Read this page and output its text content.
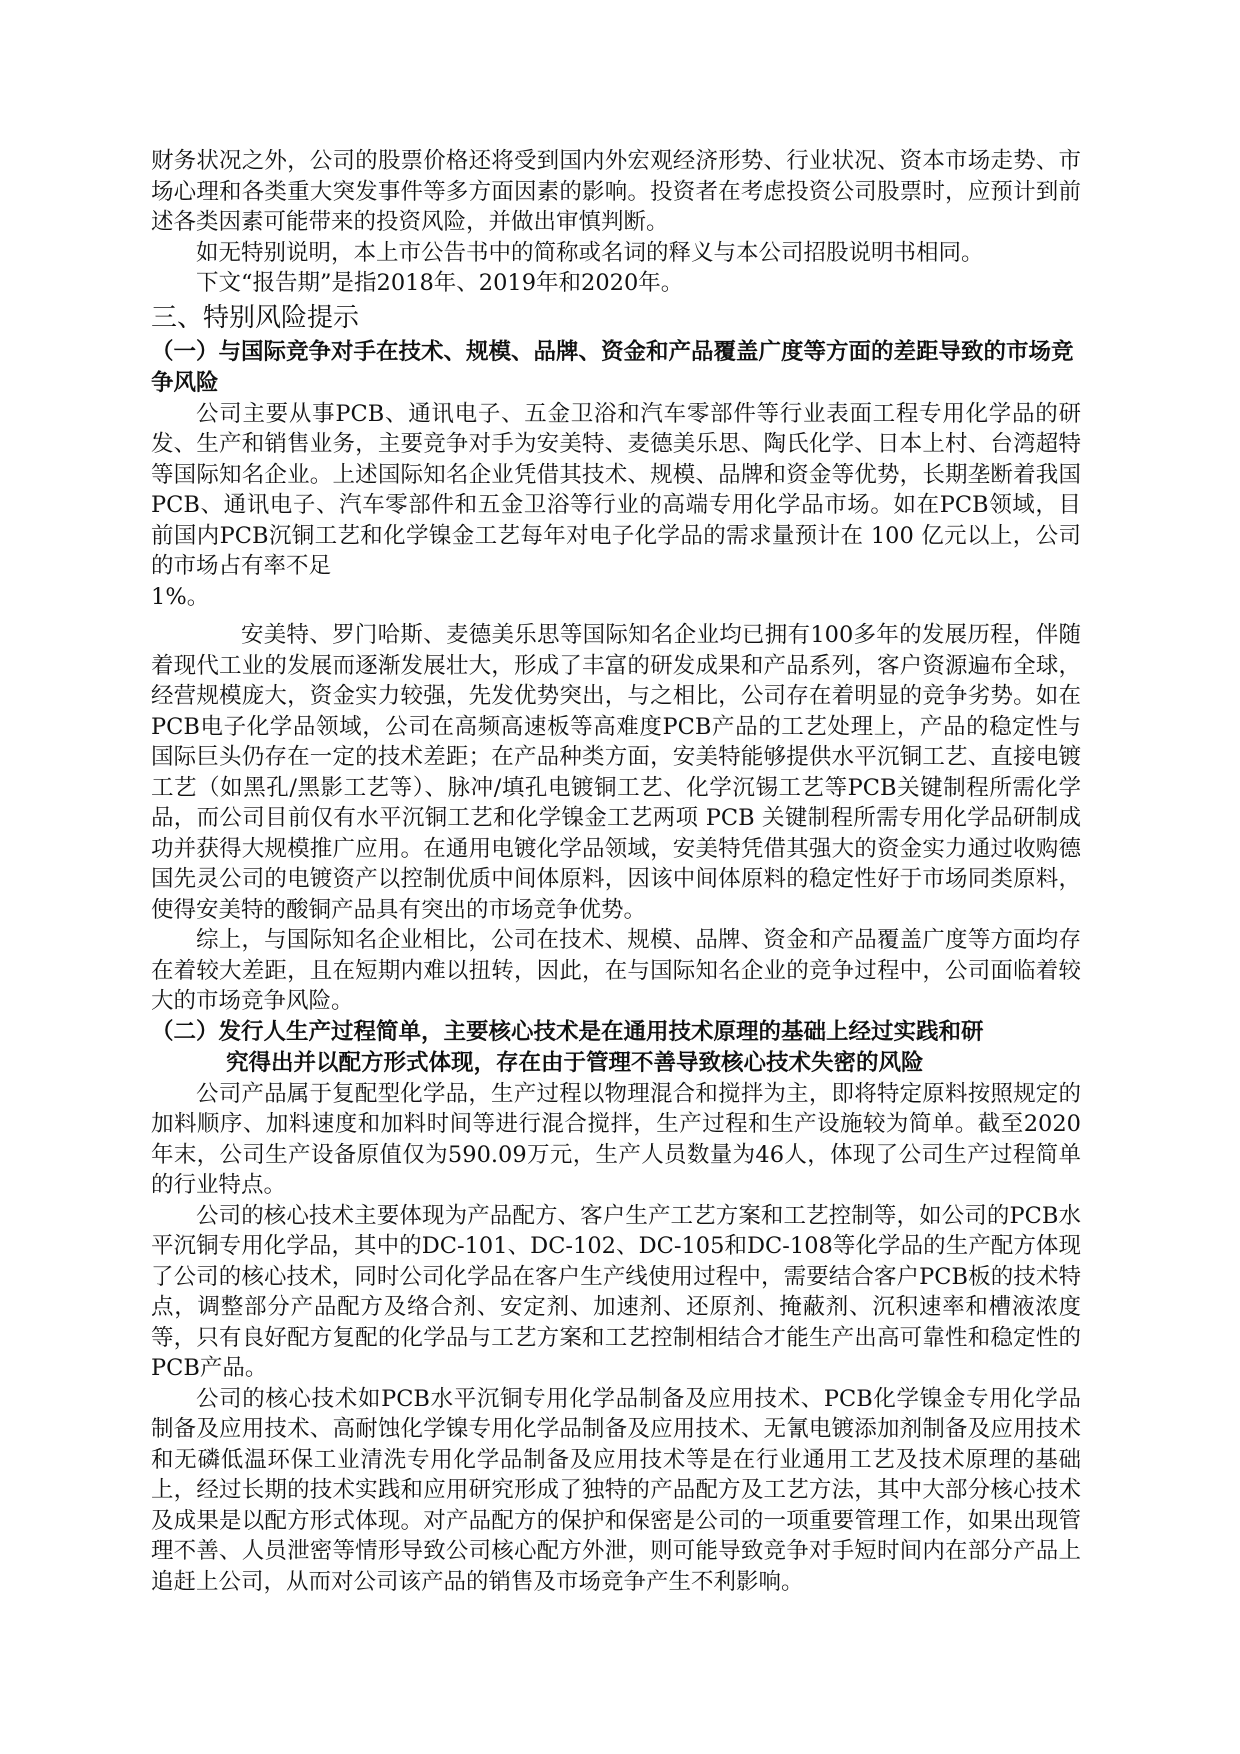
财务状况之外，公司的股票价格还将受到国内外宏观经济形势、行业状况、资本市场走势、市场心理和各类重大突发事件等多方面因素的影响。投资者在考虑投资公司股票时，应预计到前述各类因素可能带来的投资风险，并做出审慎判断。

如无特别说明，本上市公告书中的简称或名词的释义与本公司招股说明书相同。

下文“报告期”是指2018年、2019年和2020年。

三、特别风险提示
（一）与国际竞争对手在技术、规模、品牌、资金和产品覆盖广度等方面的差距导致的市场竞争风险

公司主要从事PCB、通讯电子、五金卫浴和汽车零部件等行业表面工程专用化学品的研发、生产和销售业务，主要竞争对手为安美特、麦德美乐思、陶氏化学、日本上村、台湾超特等国际知名企业。上述国际知名企业凭借其技术、规模、品牌和资金等优势，长期垄断着我国PCB、通讯电子、汽车零部件和五金卫浴等行业的高端专用化学品市场。如在PCB领域，目前国内PCB沉铜工艺和化学镍金工艺每年对电子化学品的需求量预计在 100 亿元以上，公司的市场占有率不足

1%。

安美特、罗门哈斯、麦德美乐思等国际知名企业均已拥有100多年的发展历程，伴随着现代工业的发展而逐渐发展壮大，形成了丰富的研发成果和产品系列，客户资源遍布全球，经营规模庞大，资金实力较强，先发优势突出，与之相比，公司存在着明显的竞争劣势。如在PCB电子化学品领域，公司在高频高速板等高难度PCB产品的工艺处理上，产品的稳定性与国际巨头仍存在一定的技术差距；在产品种类方面，安美特能够提供水平沉铜工艺、直接电镀工艺（如黑孔/黑影工艺等）、脉冲/填孔电镀铜工艺、化学沉锡工艺等PCB关键制程所需化学品，而公司目前仅有水平沉铜工艺和化学镍金工艺两项 PCB 关键制程所需专用化学品研制成功并获得大规模推广应用。在通用电镀化学品领域，安美特凭借其强大的资金实力通过收购德国先灵公司的电镀资产以控制优质中间体原料，因该中间体原料的稳定性好于市场同类原料，使得安美特的酸铜产品具有突出的市场竞争优势。

综上，与国际知名企业相比，公司在技术、规模、品牌、资金和产品覆盖广度等方面均存在着较大差距，且在短期内难以扭转，因此，在与国际知名企业的竞争过程中，公司面临着较大的市场竞争风险。

（二）发行人生产过程简单，主要核心技术是在通用技术原理的基础上经过实践和研
究得出并以配方形式体现，存在由于管理不善导致核心技术失密的风险

公司产品属于复配型化学品，生产过程以物理混合和搅拌为主，即将特定原料按照规定的加料顺序、加料速度和加料时间等进行混合搅拌，生产过程和生产设施较为简单。截至2020年末，公司生产设备原值仅为590.09万元，生产人员数量为46人，体现了公司生产过程简单的行业特点。

公司的核心技术主要体现为产品配方、客户生产工艺方案和工艺控制等，如公司的PCB水平沉铜专用化学品，其中的DC-101、DC-102、DC-105和DC-108等化学品的生产配方体现了公司的核心技术，同时公司化学品在客户生产线使用过程中，需要结合客户PCB板的技术特点，调整部分产品配方及络合剂、安定剂、加速剂、还原剂、掩蔽剂、沉积速率和槽液浓度等，只有良好配方复配的化学品与工艺方案和工艺控制相结合才能生产出高可靠性和稳定性的PCB产品。

公司的核心技术如PCB水平沉铜专用化学品制备及应用技术、PCB化学镍金专用化学品制备及应用技术、高耐蚀化学镍专用化学品制备及应用技术、无氰电镀添加剂制备及应用技术和无磷低温环保工业清洗专用化学品制备及应用技术等是在行业通用工艺及技术原理的基础上，经过长期的技术实践和应用研究形成了独特的产品配方及工艺方法，其中大部分核心技术及成果是以配方形式体现。对产品配方的保护和保密是公司的一项重要管理工作，如果出现管理不善、人员泄密等情形导致公司核心配方外泄，则可能导致竞争对手短时间内在部分产品上追赶上公司，从而对公司该产品的销售及市场竞争产生不利影响。
